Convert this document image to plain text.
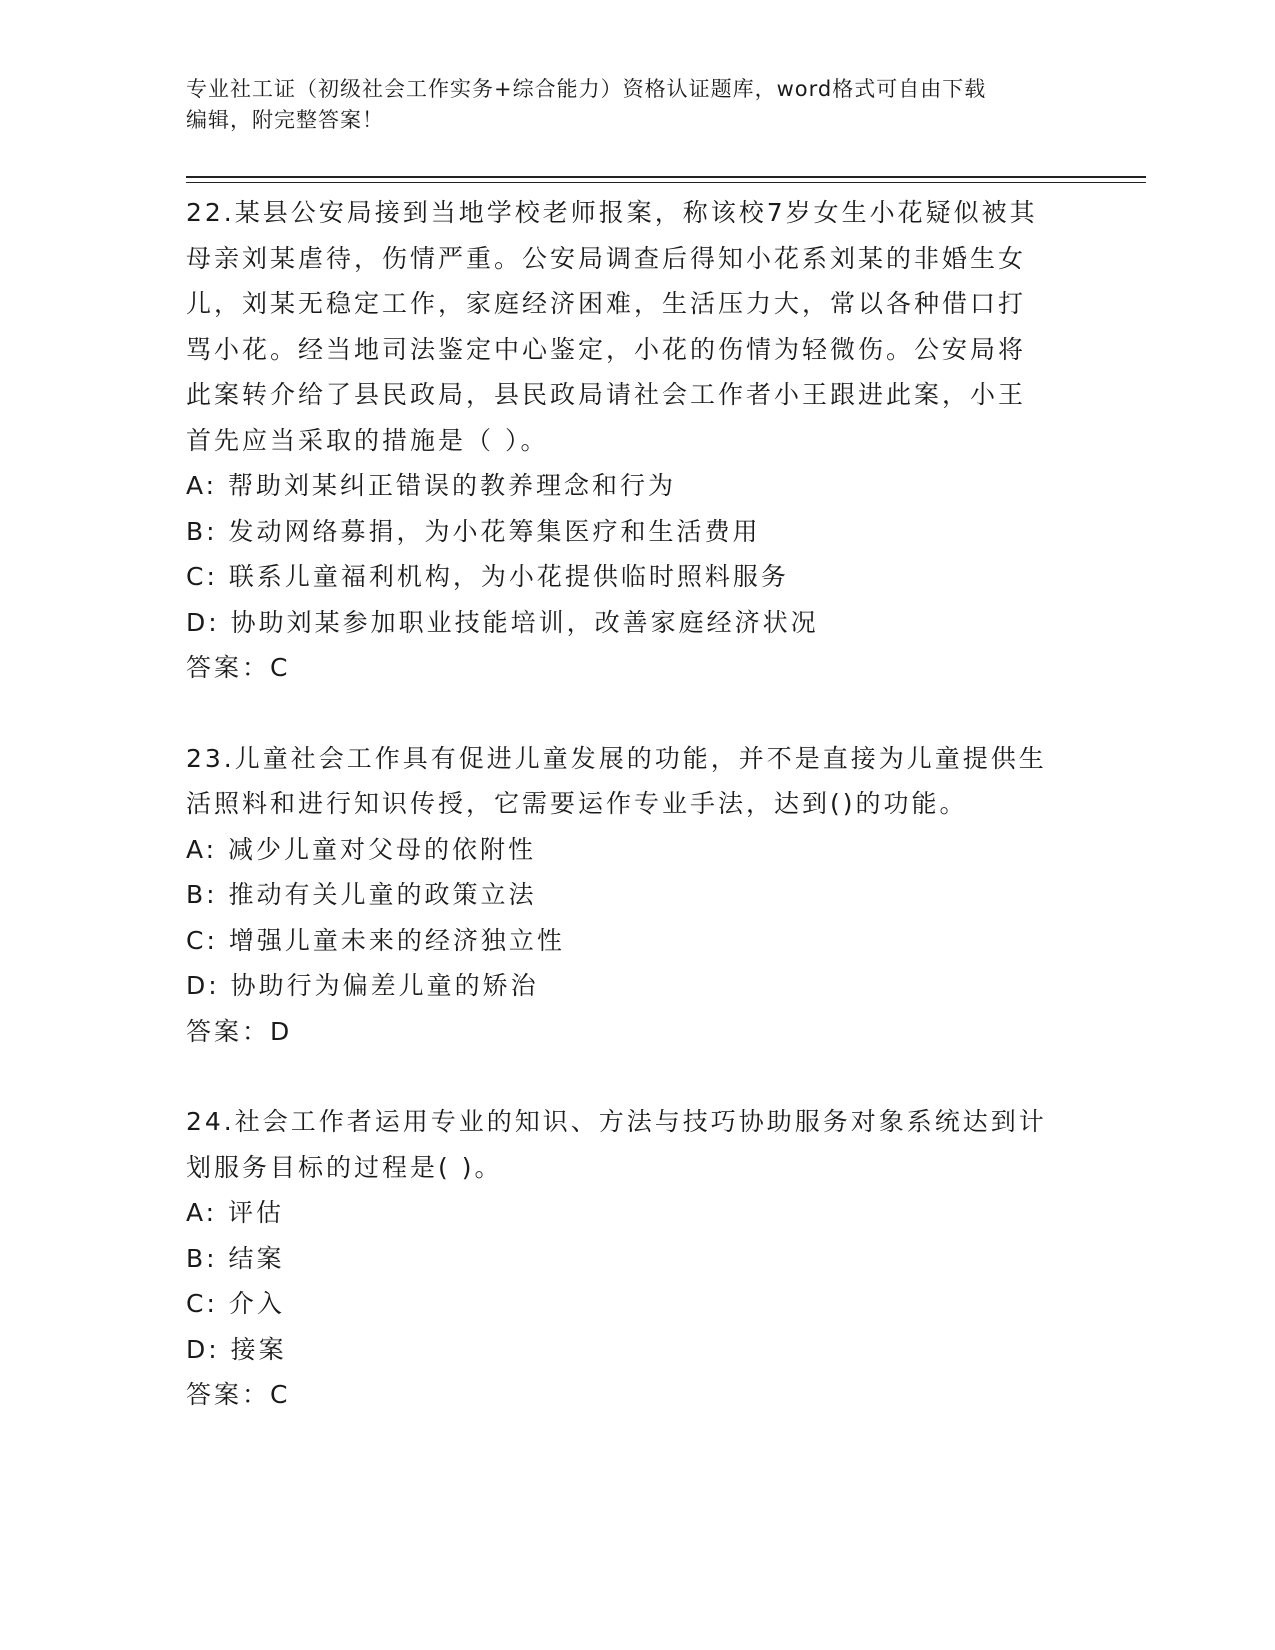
专业社工证（初级社会工作实务+综合能力）资格认证题库，word格式可自由下载
编辑，附完整答案！

22.某县公安局接到当地学校老师报案，称该校7岁女生小花疑似被其

母亲刘某虐待，伤情严重。公安局调查后得知小花系刘某的非婚生女

儿，刘某无稳定工作，家庭经济困难，生活压力大，常以各种借口打

骂小花。经当地司法鉴定中心鉴定，小花的伤情为轻微伤。公安局将

此案转介给了县民政局，县民政局请社会工作者小王跟进此案，小王

首先应当采取的措施是（ ）。

A: 帮助刘某纠正错误的教养理念和行为

B: 发动网络募捐，为小花筹集医疗和生活费用

C: 联系儿童福利机构，为小花提供临时照料服务

D: 协助刘某参加职业技能培训，改善家庭经济状况

答案：C

23.儿童社会工作具有促进儿童发展的功能，并不是直接为儿童提供生

活照料和进行知识传授，它需要运作专业手法，达到()的功能。

A: 减少儿童对父母的依附性

B: 推动有关儿童的政策立法

C: 增强儿童未来的经济独立性

D: 协助行为偏差儿童的矫治

答案：D

24.社会工作者运用专业的知识、方法与技巧协助服务对象系统达到计

划服务目标的过程是( )。

A: 评估

B: 结案

C: 介入

D: 接案

答案：C
